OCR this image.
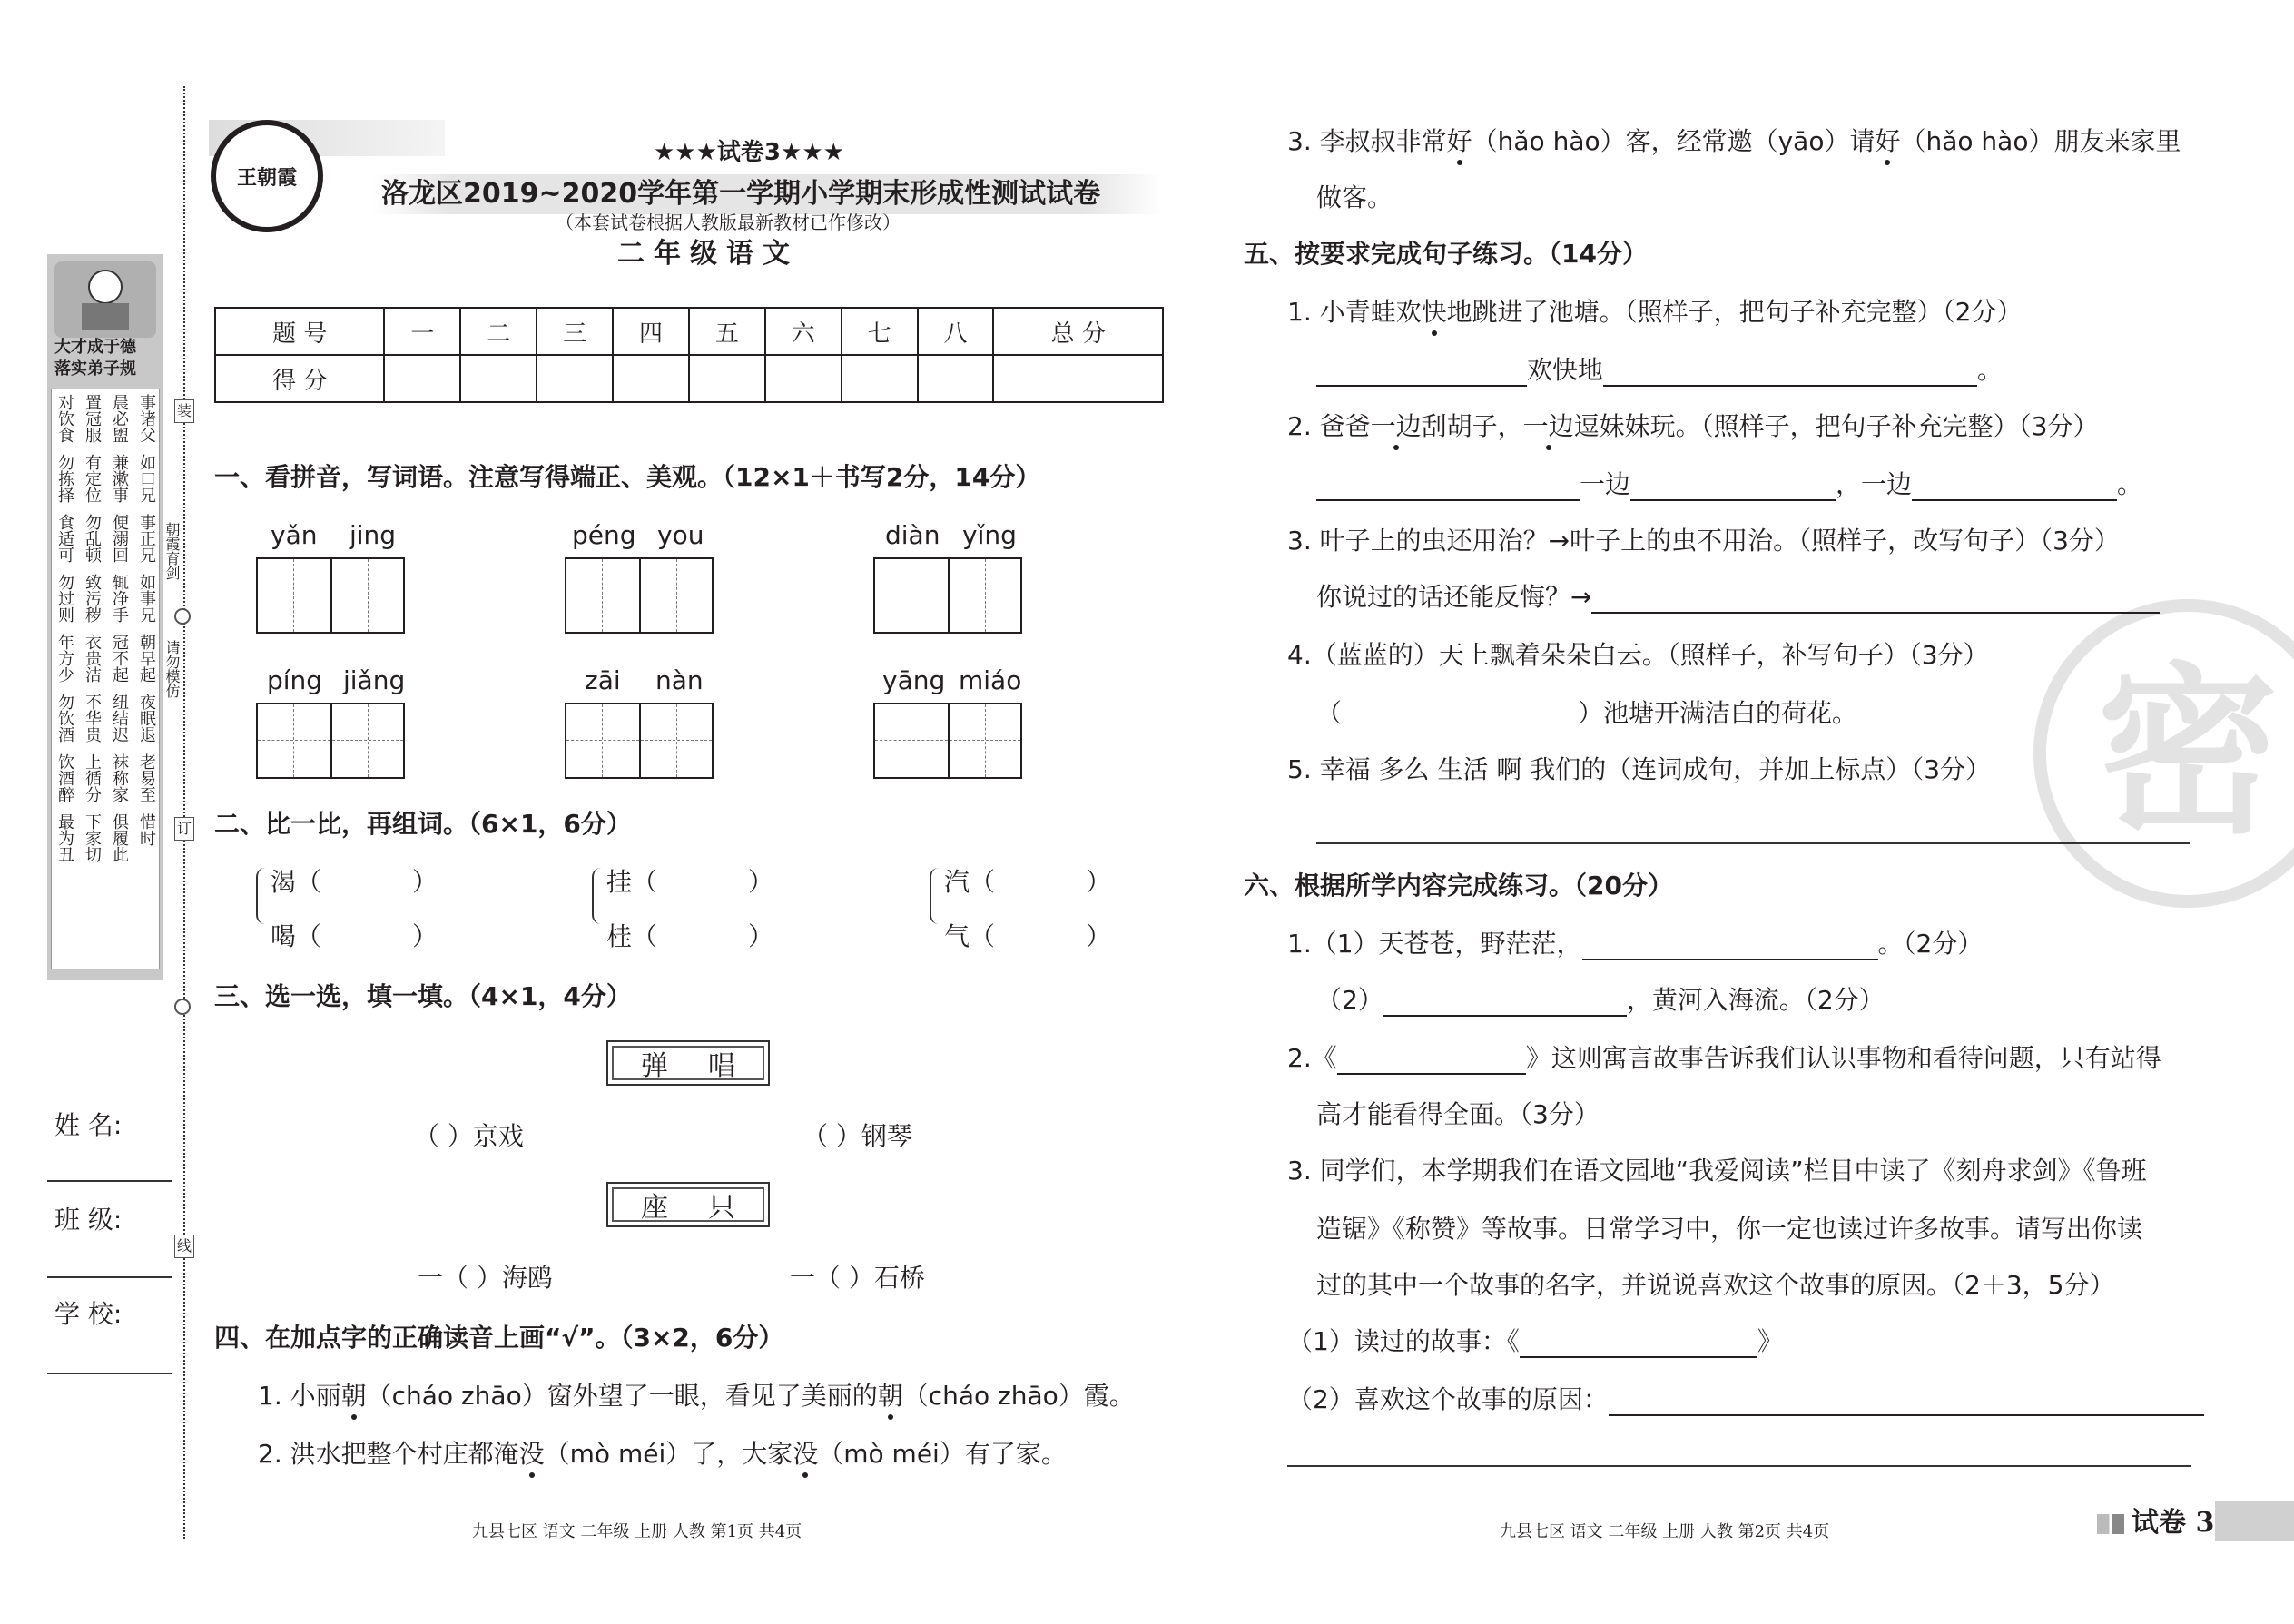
大才成于德
落实弟子规
对饮食 置冠服 晨必盥 事诸父
勿拣择 有定位 兼漱事 如口兄
食适可 勿乱顿 便溺回 事正兄
勿过则 致污秽 辄净手 如事兄
年方少 衣贵洁 冠不起 朝早起
勿饮酒 不华贵 纽结迟 夜眠退
饮酒醉 上循分 袜称家 老易至
最为丑 下家切 俱履此 惜时
朝霞育剑
请勿模仿
装
订
线
姓 名:
班 级:
学 校:
王朝霞
★★★试卷3★★★
洛龙区2019~2020学年第一学期小学期末形成性测试试卷
（本套试卷根据人教版最新教材已作修改）
二年级语文
题 号	一	二	三	四	五	六	七	八	总 分
得 分									
一、看拼音，写词语。注意写得端正、美观。（12×1＋书写2分，14分）
yǎn jing	péng you	diàn yǐng
píng jiǎng	zāi nàn	yāng miáo
二、比一比，再组词。（6×1，6分）
渴（	）
喝（	）
挂（	）
桂（	）
汽（	）
气（	）
三、选一选，填一填。（4×1，4分）
弹 唱
（ ）京戏	（ ）钢琴
座 只
一（ ）海鸥	一（ ）石桥
四、在加点字的正确读音上画“√”。（3×2，6分）
1. 小丽朝（cháo zhāo）窗外望了一眼，看见了美丽的朝（cháo zhāo）霞。
2. 洪水把整个村庄都淹没（mò méi）了，大家没（mò méi）有了家。
九县七区 语文 二年级 上册 人教 第1页 共4页
密
3. 李叔叔非常好（hǎo hào）客，经常邀（yāo）请好（hǎo hào）朋友来家里
做客。
五、按要求完成句子练习。（14分）
1. 小青蛙欢快地跳进了池塘。（照样子，把句子补充完整）（2分）
欢快地	。
2. 爸爸一边刮胡子，一边逗妹妹玩。（照样子，把句子补充完整）（3分）
一边	，一边	。
3. 叶子上的虫还用治？→叶子上的虫不用治。（照样子，改写句子）（3分）
你说过的话还能反悔？→
4.（蓝蓝的）天上飘着朵朵白云。（照样子，补写句子）（3分）
（	）池塘开满洁白的荷花。
5. 幸福 多么 生活 啊 我们的（连词成句，并加上标点）（3分）
六、根据所学内容完成练习。（20分）
1.（1）天苍苍，野茫茫，	。（2分）
（2）	，黄河入海流。（2分）
2.《	》这则寓言故事告诉我们认识事物和看待问题，只有站得
高才能看得全面。（3分）
3. 同学们，本学期我们在语文园地“我爱阅读”栏目中读了《刻舟求剑》《鲁班
造锯》《称赞》等故事。日常学习中，你一定也读过许多故事。请写出你读
过的其中一个故事的名字，并说说喜欢这个故事的原因。（2＋3，5分）
（1）读过的故事：《	》
（2）喜欢这个故事的原因：
九县七区 语文 二年级 上册 人教 第2页 共4页	试卷 3
